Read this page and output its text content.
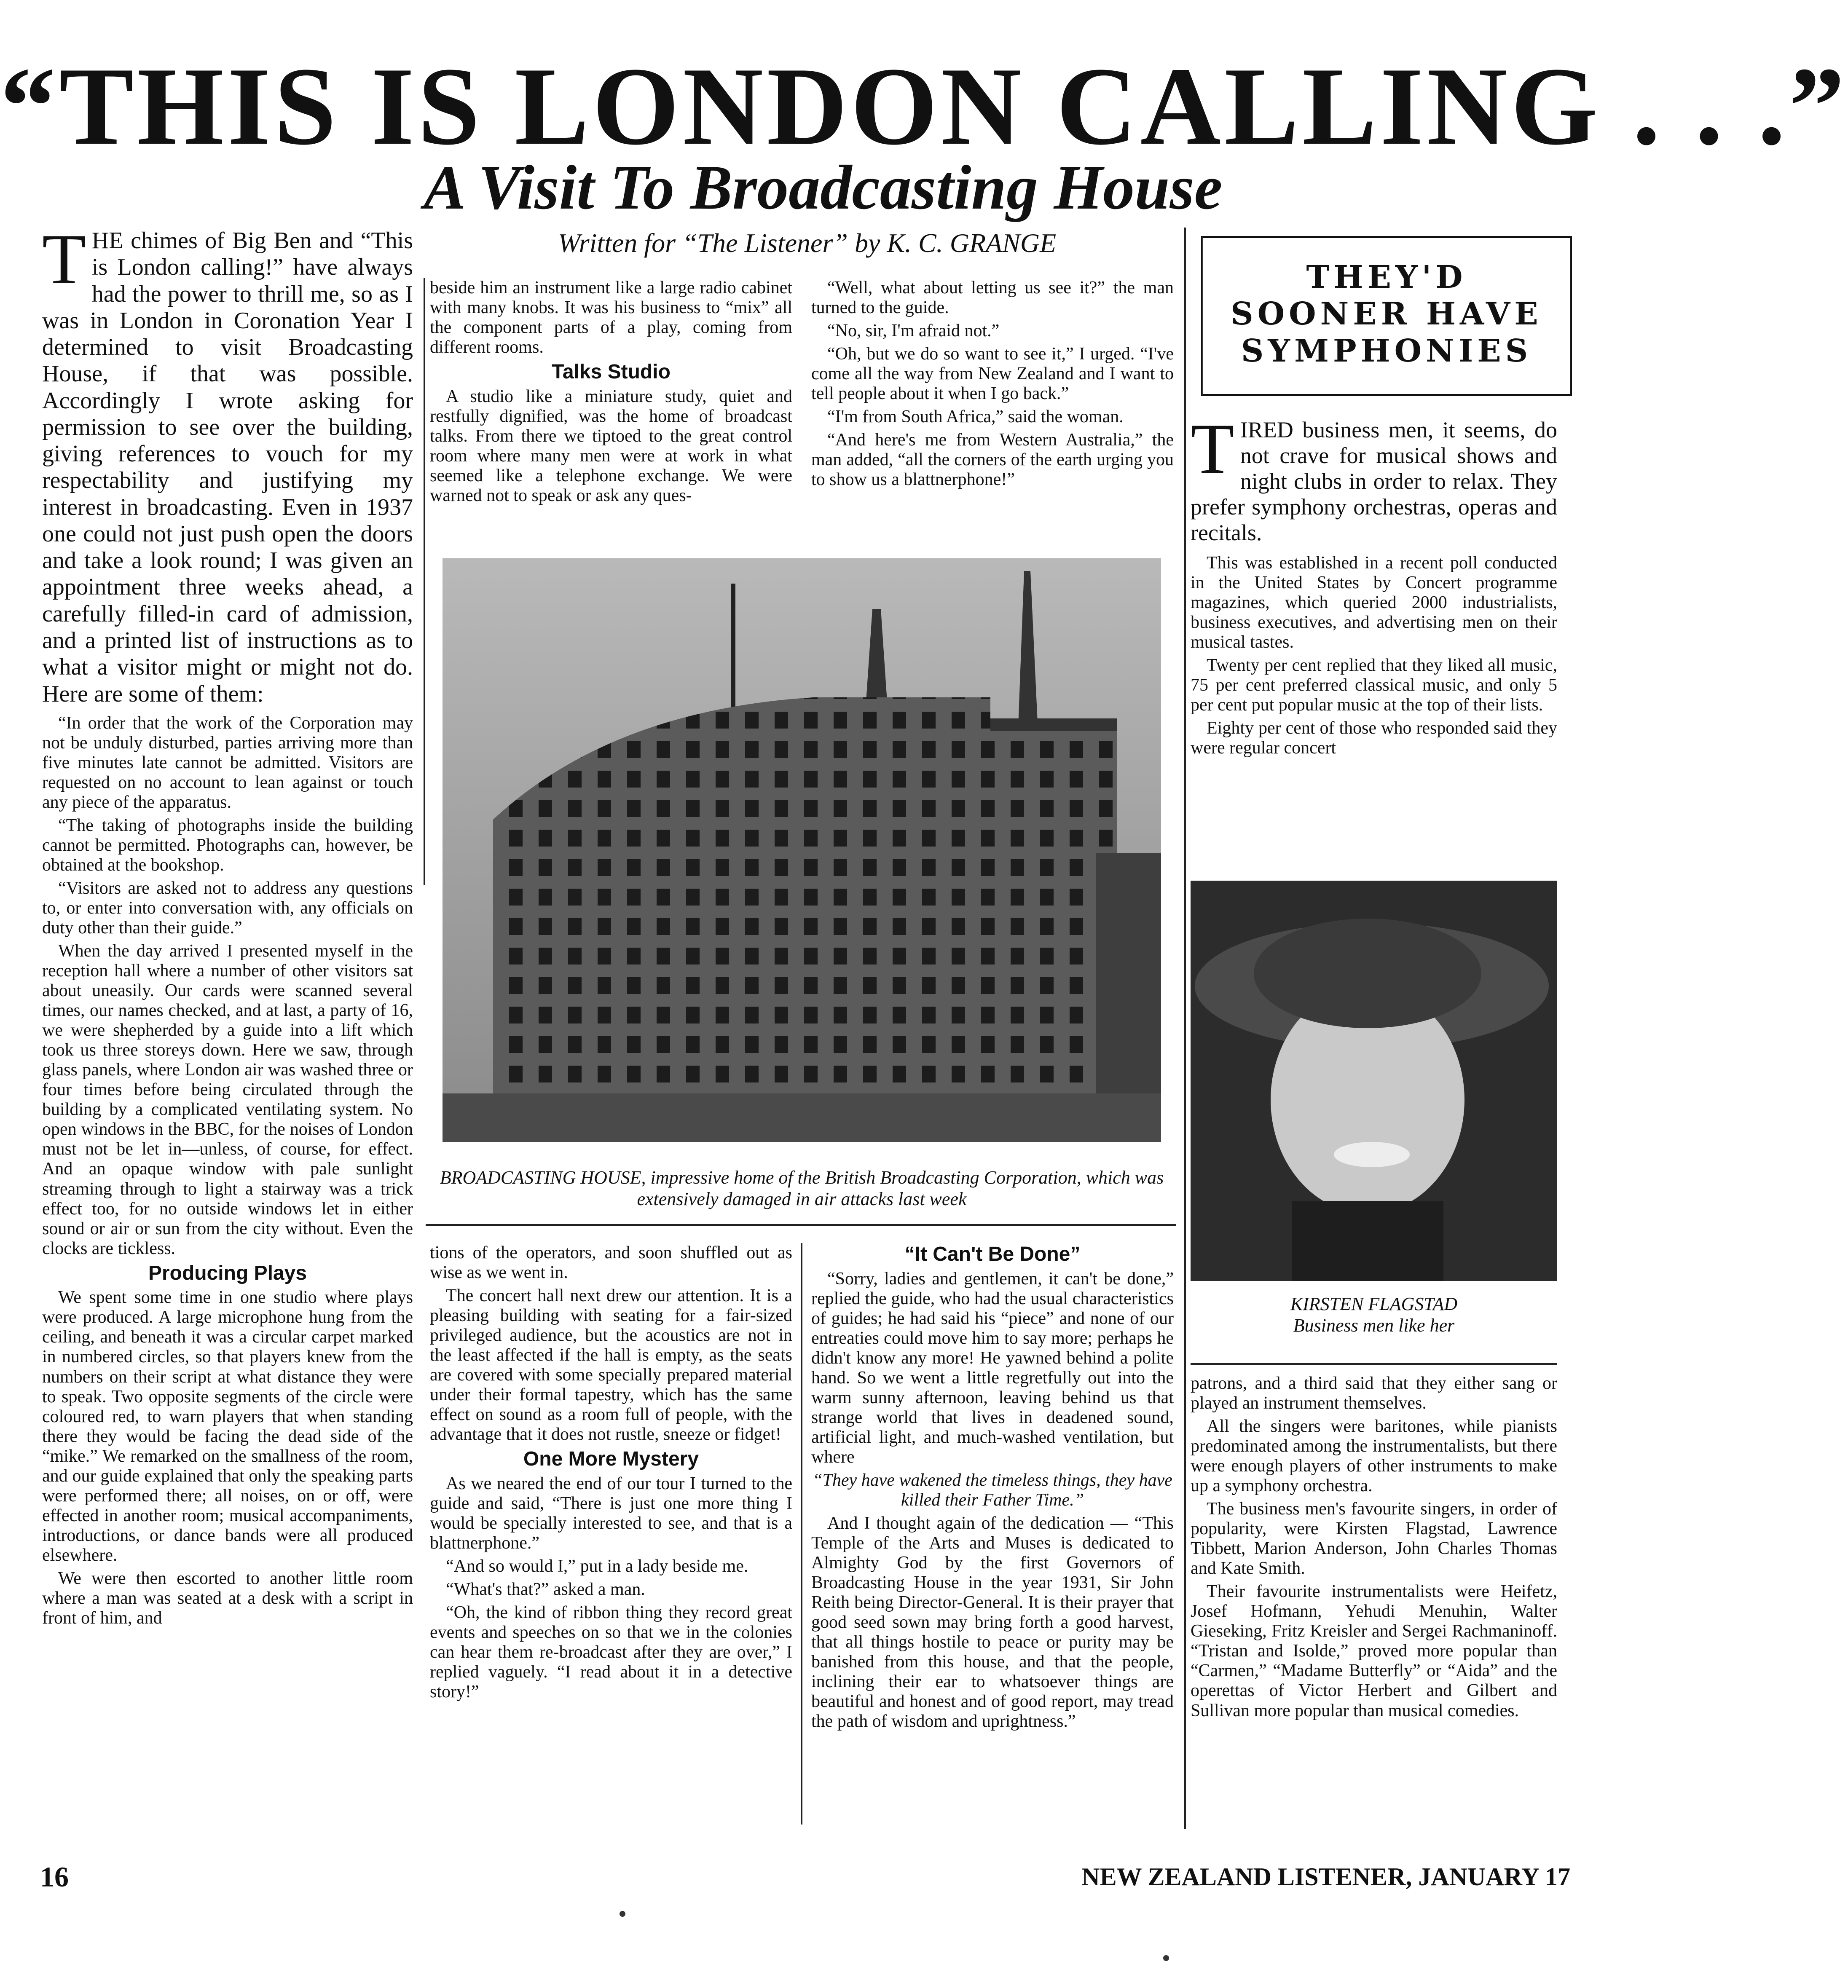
“THIS IS LONDON CALLING . . .”
A Visit To Broadcasting House
Written for “The Listener” by K. C. GRANGE
T HE chimes of Big Ben and “This is London calling!” have always had the power to thrill me, so as I was in London in Coronation Year I determined to visit Broadcasting House, if that was possible. Accordingly I wrote asking for permission to see over the building, giving references to vouch for my respectability and justifying my interest in broadcasting. Even in 1937 one could not just push open the doors and take a look round; I was given an appointment three weeks ahead, a carefully filled-in card of admission, and a printed list of instructions as to what a visitor might or might not do. Here are some of them:

“In order that the work of the Corporation may not be unduly disturbed, parties arriving more than five minutes late cannot be admitted. Visitors are requested on no account to lean against or touch any piece of the apparatus.

“The taking of photographs inside the building cannot be permitted. Photographs can, however, be obtained at the bookshop.

“Visitors are asked not to address any questions to, or enter into conversation with, any officials on duty other than their guide.”

When the day arrived I presented myself in the reception hall where a number of other visitors sat about uneasily. Our cards were scanned several times, our names checked, and at last, a party of 16, we were shepherded by a guide into a lift which took us three storeys down. Here we saw, through glass panels, where London air was washed three or four times before being circulated through the building by a complicated ventilating system. No open windows in the BBC, for the noises of London must not be let in—unless, of course, for effect. And an opaque window with pale sunlight streaming through to light a stairway was a trick effect too, for no outside windows let in either sound or air or sun from the city without. Even the clocks are tickless.

Producing Plays

We spent some time in one studio where plays were produced. A large microphone hung from the ceiling, and beneath it was a circular carpet marked in numbered circles, so that players knew from the numbers on their script at what distance they were to speak. Two opposite segments of the circle were coloured red, to warn players that when standing there they would be facing the dead side of the “mike.” We remarked on the smallness of the room, and our guide explained that only the speaking parts were performed there; all noises, on or off, were effected in another room; musical accompaniments, introductions, or dance bands were all produced elsewhere.

We were then escorted to another little room where a man was seated at a desk with a script in front of him, and

beside him an instrument like a large radio cabinet with many knobs. It was his business to “mix” all the component parts of a play, coming from different rooms.

Talks Studio

A studio like a miniature study, quiet and restfully dignified, was the home of broadcast talks. From there we tiptoed to the great control room where many men were at work in what seemed like a telephone exchange. We were warned not to speak or ask any ques-

“Well, what about letting us see it?” the man turned to the guide.

“No, sir, I'm afraid not.”

“Oh, but we do so want to see it,” I urged. “I've come all the way from New Zealand and I want to tell people about it when I go back.”

“I'm from South Africa,” said the woman.

“And here's me from Western Australia,” the man added, “all the corners of the earth urging you to show us a blattnerphone!”

BROADCASTING HOUSE, impressive home of the British Broadcasting Corporation, which was extensively damaged in air attacks last week

tions of the operators, and soon shuffled out as wise as we went in.

The concert hall next drew our attention. It is a pleasing building with seating for a fair-sized privileged audience, but the acoustics are not in the least affected if the hall is empty, as the seats are covered with some specially prepared material under their formal tapestry, which has the same effect on sound as a room full of people, with the advantage that it does not rustle, sneeze or fidget!

One More Mystery

As we neared the end of our tour I turned to the guide and said, “There is just one more thing I would be specially interested to see, and that is a blattnerphone.”

“And so would I,” put in a lady beside me.

“What's that?” asked a man.

“Oh, the kind of ribbon thing they record great events and speeches on so that we in the colonies can hear them re-broadcast after they are over,” I replied vaguely. “I read about it in a detective story!”

“It Can't Be Done”

“Sorry, ladies and gentlemen, it can't be done,” replied the guide, who had the usual characteristics of guides; he had said his “piece” and none of our entreaties could move him to say more; perhaps he didn't know any more! He yawned behind a polite hand. So we went a little regretfully out into the warm sunny afternoon, leaving behind us that strange world that lives in deadened sound, artificial light, and much-washed ventilation, but where

“They have wakened the timeless things, they have killed their Father Time.”

And I thought again of the dedication — “This Temple of the Arts and Muses is dedicated to Almighty God by the first Governors of Broadcasting House in the year 1931, Sir John Reith being Director-General. It is their prayer that good seed sown may bring forth a good harvest, that all things hostile to peace or purity may be banished from this house, and that the people, inclining their ear to whatsoever things are beautiful and honest and of good report, may tread the path of wisdom and uprightness.”

THEY'D
SOONER HAVE
SYMPHONIES
T IRED business men, it seems, do not crave for musical shows and night clubs in order to relax. They prefer symphony orchestras, operas and recitals.

This was established in a recent poll conducted in the United States by Concert programme magazines, which queried 2000 industrialists, business executives, and advertising men on their musical tastes.

Twenty per cent replied that they liked all music, 75 per cent preferred classical music, and only 5 per cent put popular music at the top of their lists.

Eighty per cent of those who responded said they were regular concert

KIRSTEN FLAGSTAD
Business men like her

patrons, and a third said that they either sang or played an instrument themselves.

All the singers were baritones, while pianists predominated among the instrumentalists, but there were enough players of other instruments to make up a symphony orchestra.

The business men's favourite singers, in order of popularity, were Kirsten Flagstad, Lawrence Tibbett, Marion Anderson, John Charles Thomas and Kate Smith.

Their favourite instrumentalists were Heifetz, Josef Hofmann, Yehudi Menuhin, Walter Gieseking, Fritz Kreisler and Sergei Rachmaninoff. “Tristan and Isolde,” proved more popular than “Carmen,” “Madame Butterfly” or “Aida” and the operettas of Victor Herbert and Gilbert and Sullivan more popular than musical comedies.

16	NEW ZEALAND LISTENER, JANUARY 17
